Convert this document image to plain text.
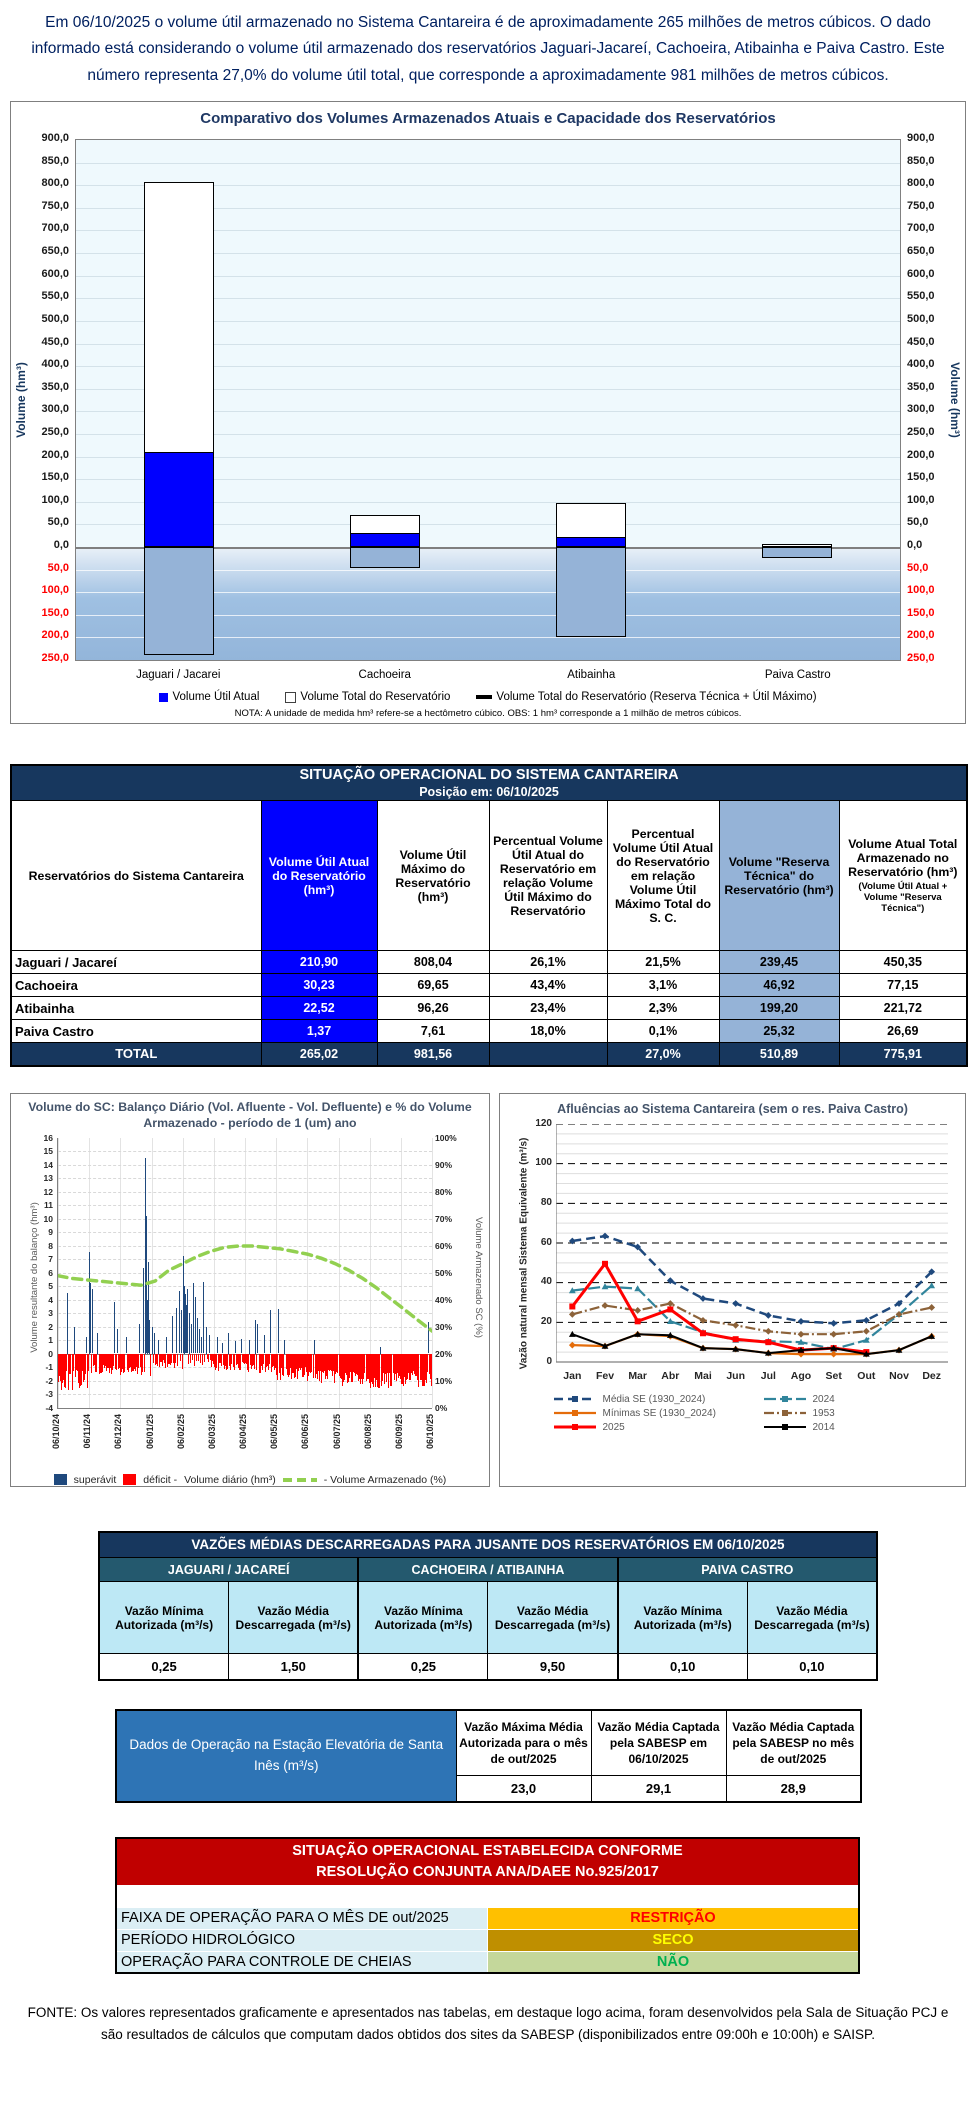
Em 06/10/2025 o volume útil armazenado no Sistema Cantareira é de aproximadamente 265 milhões de metros cúbicos. O dado informado está considerando o volume útil armazenado dos reservatórios Jaguari-Jacareí, Cachoeira, Atibainha e Paiva Castro. Este número representa 27,0% do volume útil total, que corresponde a aproximadamente 981 milhões de metros cúbicos.
Comparativo dos Volumes Armazenados Atuais e Capacidade dos Reservatórios
Volume (hm³)	Volume (hm³)
900,0	900,0
850,0	850,0
800,0	800,0
750,0	750,0
700,0	700,0
650,0	650,0
600,0	600,0
550,0	550,0
500,0	500,0
450,0	450,0
400,0	400,0
350,0	350,0
300,0	300,0
250,0	250,0
200,0	200,0
150,0	150,0
100,0	100,0
50,0	50,0
0,0	0,0
50,0	50,0
100,0	100,0
150,0	150,0
200,0	200,0
250,0	250,0
Jaguari / Jacarei	Cachoeira	Atibainha	Paiva Castro
Volume Útil Atual	Volume Total do Reservatório	Volume Total do Reservatório (Reserva Técnica + Útil Máximo)
NOTA: A unidade de medida hm³ refere-se a hectômetro cúbico. OBS: 1 hm³ corresponde a 1 milhão de metros cúbicos.
SITUAÇÃO OPERACIONAL DO SISTEMA CANTAREIRA
Posição em: 06/10/2025						

Reservatórios do Sistema Cantareira	Volume Útil Atual do Reservatório (hm³)	Volume Útil Máximo do Reservatório (hm³)	Percentual Volume Útil Atual do Reservatório em relação Volume Útil Máximo do Reservatório	Percentual Volume Útil Atual do Reservatório em relação Volume Útil Máximo Total do S. C.	Volume "Reserva Técnica" do Reservatório (hm³)	Volume Atual Total Armazenado no Reservatório (hm³)
(Volume Útil Atual + Volume "Reserva Técnica")

Jaguari / Jacareí	210,90	808,04	26,1%	21,5%	239,45	450,35
Cachoeira	30,23	69,65	43,4%	3,1%	46,92	77,15
Atibainha	22,52	96,26	23,4%	2,3%	199,20	221,72
Paiva Castro	1,37	7,61	18,0%	0,1%	25,32	26,69
TOTAL	265,02	981,56		27,0%	510,89	775,91
Volume do SC: Balanço Diário (Vol. Afluente - Vol. Defluente) e % do Volume Armazenado - período de 1 (um) ano
Volume resultante do balanço (hm³)	Volume Armazenado SC (%)
16
15
14
13
12
11
10
9
8
7
6
5
4
3
2
1
0
-1
-2
-3
-4
100%
90%
80%
70%
60%
50%
40%
30%
20%
10%
0%
06/10/24 06/11/24 06/12/24 06/01/25 06/02/25 06/03/25 06/04/25 06/05/25 06/06/25 06/07/25 06/08/25 06/09/25 06/10/25
superávit	déficit - Volume diário (hm³)	- Volume Armazenado (%)
Afluências ao Sistema Cantareira (sem o res. Paiva Castro)
Vazão natural mensal Sistema Equivalente (m³/s)	0
20
40
60
80
100
120
Jan Fev Mar Abr Mai Jun Jul Ago Set Out Nov Dez
Média SE (1930_2024)	2024
Mínimas SE (1930_2024)	1953
2025	2014
VAZÕES MÉDIAS DESCARREGADAS PARA JUSANTE DOS RESERVATÓRIOS EM 06/10/2025					
JAGUARI / JACAREÍ		CACHOEIRA / ATIBAINHA		PAIVA CASTRO	
Vazão Mínima Autorizada (m³/s)	Vazão Média Descarregada (m³/s)	Vazão Mínima Autorizada (m³/s)	Vazão Média Descarregada (m³/s)	Vazão Mínima Autorizada (m³/s)	Vazão Média Descarregada (m³/s)
0,25	1,50	0,25	9,50	0,10	0,10
Dados de Operação na Estação Elevatória de Santa Inês (m³/s)	Vazão Máxima Média Autorizada para o mês de out/2025	Vazão Média Captada pela SABESP em 06/10/2025	Vazão Média Captada pela SABESP no mês de out/2025
	23,0	29,1	28,9
SITUAÇÃO OPERACIONAL ESTABELECIDA CONFORME
RESOLUÇÃO CONJUNTA ANA/DAEE No.925/2017	

FAIXA DE OPERAÇÃO PARA O MÊS DE out/2025	RESTRIÇÃO
PERÍODO HIDROLÓGICO	SECO
OPERAÇÃO PARA CONTROLE DE CHEIAS	NÃO
FONTE: Os valores representados graficamente e apresentados nas tabelas, em destaque logo acima, foram desenvolvidos pela Sala de Situação PCJ e são resultados de cálculos que computam dados obtidos dos sites da SABESP (disponibilizados entre 09:00h e 10:00h) e SAISP.
